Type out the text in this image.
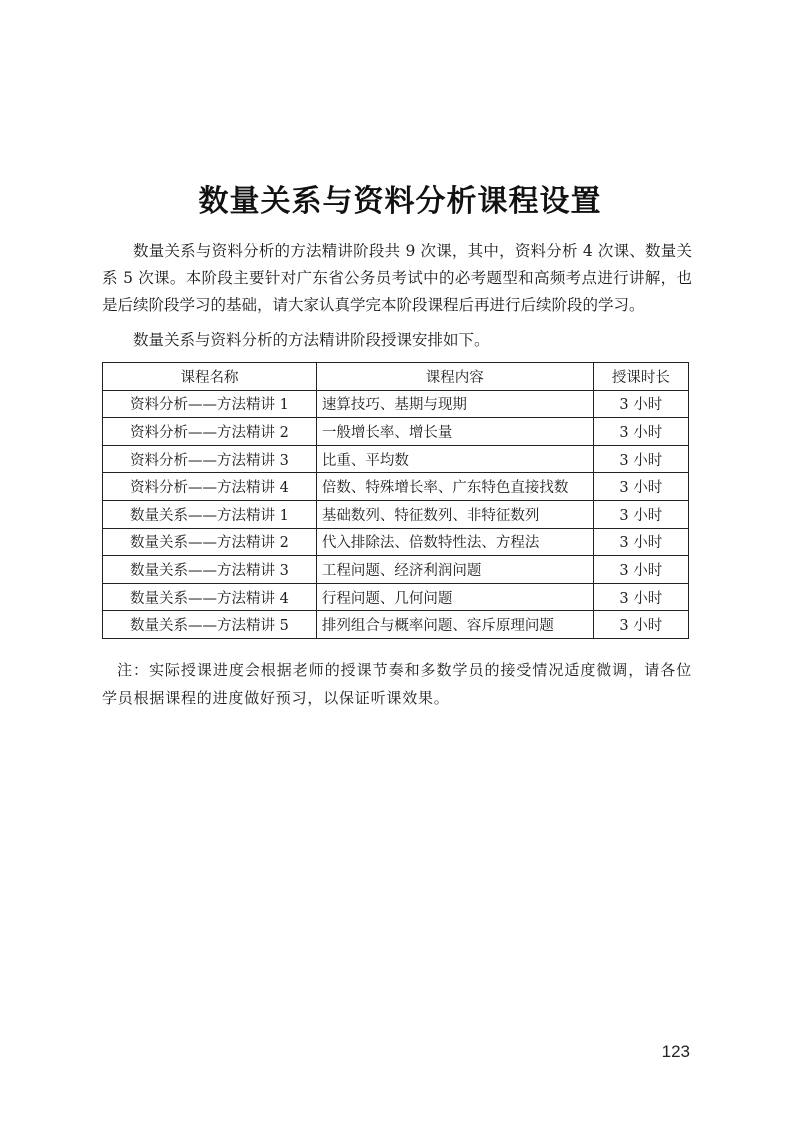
数量关系与资料分析课程设置

数量关系与资料分析的方法精讲阶段共 9 次课，其中，资料分析 4 次课、数量关系 5 次课。本阶段主要针对广东省公务员考试中的必考题型和高频考点进行讲解，也是后续阶段学习的基础，请大家认真学完本阶段课程后再进行后续阶段的学习。

数量关系与资料分析的方法精讲阶段授课安排如下。

课程名称	课程内容	授课时长
资料分析——方法精讲 1	速算技巧、基期与现期	3 小时
资料分析——方法精讲 2	一般增长率、增长量	3 小时
资料分析——方法精讲 3	比重、平均数	3 小时
资料分析——方法精讲 4	倍数、特殊增长率、广东特色直接找数	3 小时
数量关系——方法精讲 1	基础数列、特征数列、非特征数列	3 小时
数量关系——方法精讲 2	代入排除法、倍数特性法、方程法	3 小时
数量关系——方法精讲 3	工程问题、经济利润问题	3 小时
数量关系——方法精讲 4	行程问题、几何问题	3 小时
数量关系——方法精讲 5	排列组合与概率问题、容斥原理问题	3 小时

注：实际授课进度会根据老师的授课节奏和多数学员的接受情况适度微调，请各位学员根据课程的进度做好预习，以保证听课效果。

123
